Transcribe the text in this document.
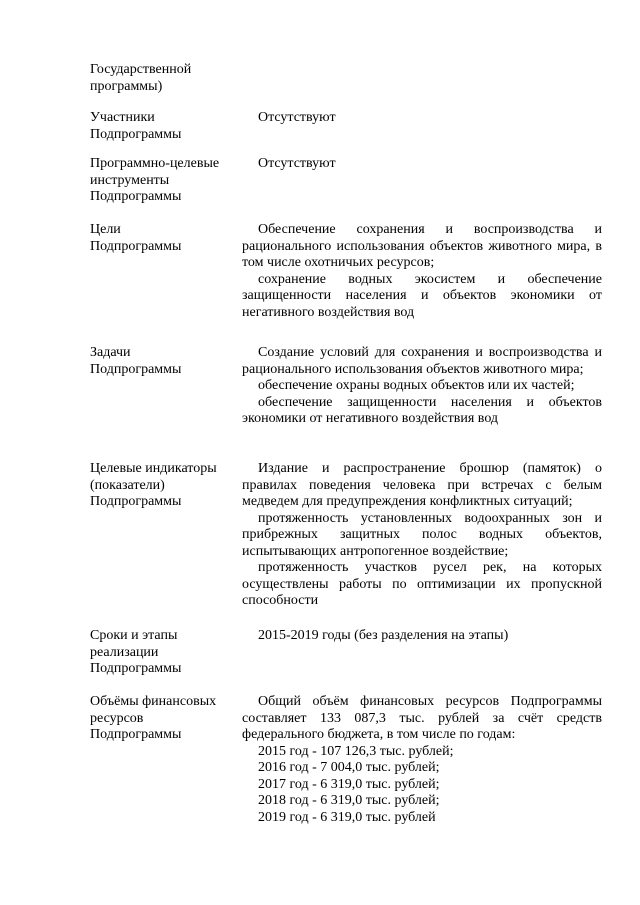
Государственной
программы)
Участники
Подпрограммы

Отсутствуют

Программно-целевые
инструменты
Подпрограммы

Отсутствуют

Цели
Подпрограммы

Обеспечение сохранения и воспроизводства и рационального использования объектов животного мира, в том числе охотничьих ресурсов;

сохранение водных экосистем и обеспечение защищенности населения и объектов экономики от негативного воздействия вод

Задачи
Подпрограммы

Создание условий для сохранения и воспроизводства и рационального использования объектов животного мира;

обеспечение охраны водных объектов или их частей;

обеспечение защищенности населения и объектов экономики от негативного воздействия вод

Целевые индикаторы
(показатели)
Подпрограммы

Издание и распространение брошюр (памяток) о правилах поведения человека при встречах с белым медведем для предупреждения конфликтных ситуаций;

протяженность установленных водоохранных зон и прибрежных защитных полос водных объектов, испытывающих антропогенное воздействие;

протяженность участков русел рек, на которых осуществлены работы по оптимизации их пропускной способности

Сроки и этапы
реализации
Подпрограммы

2015-2019 годы (без разделения на этапы)

Объёмы финансовых
ресурсов
Подпрограммы

Общий объём финансовых ресурсов Подпрограммы составляет 133 087,3 тыс. рублей за счёт средств федерального бюджета, в том числе по годам:

2015 год - 107 126,3 тыс. рублей;

2016 год - 7 004,0 тыс. рублей;

2017 год - 6 319,0 тыс. рублей;

2018 год - 6 319,0 тыс. рублей;

2019 год - 6 319,0 тыс. рублей
